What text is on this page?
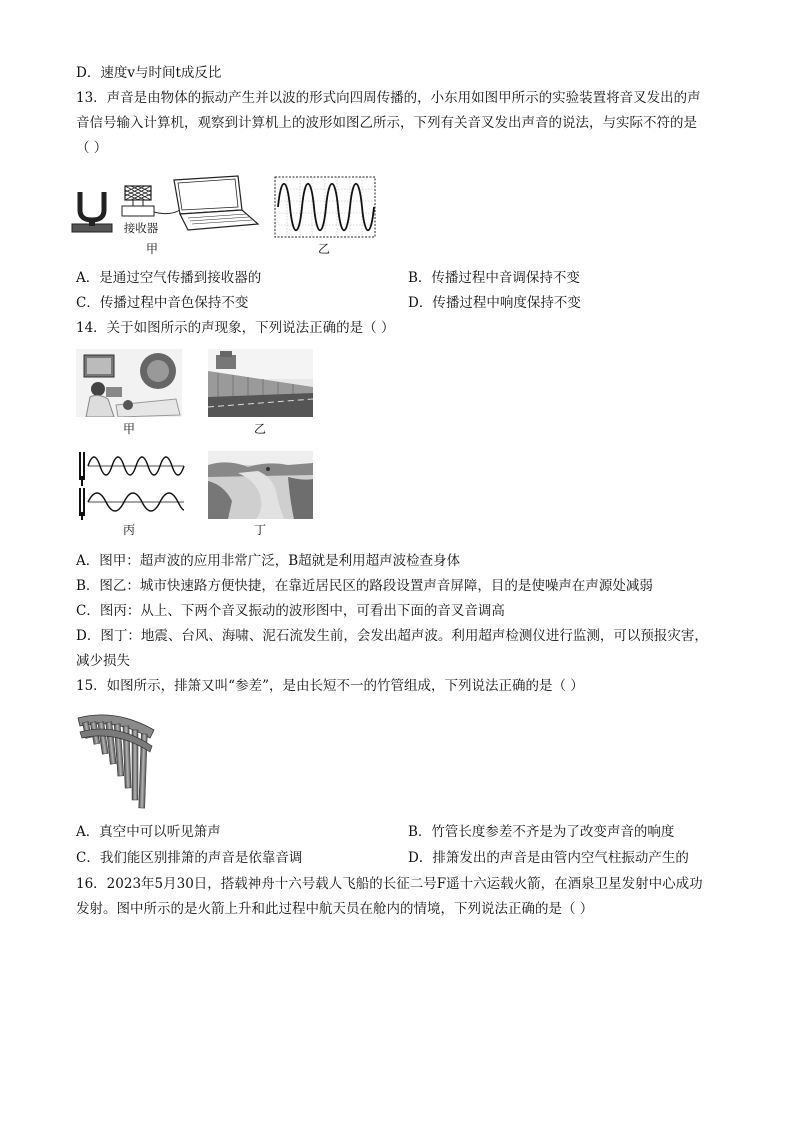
D．速度v与时间t成反比
13．声音是由物体的振动产生并以波的形式向四周传播的，小东用如图甲所示的实验装置将音叉发出的声
音信号输入计算机，观察到计算机上的波形如图乙所示，下列有关音叉发出声音的说法，与实际不符的是
（ ）
接收器
甲	乙
A．是通过空气传播到接收器的	B．传播过程中音调保持不变
C．传播过程中音色保持不变	D．传播过程中响度保持不变
14．关于如图所示的声现象，下列说法正确的是（ ）
甲	乙
丙	丁
A．图甲：超声波的应用非常广泛，B超就是利用超声波检查身体
B．图乙：城市快速路方便快捷，在靠近居民区的路段设置声音屏障，目的是使噪声在声源处减弱
C．图丙：从上、下两个音叉振动的波形图中，可看出下面的音叉音调高
D．图丁：地震、台风、海啸、泥石流发生前，会发出超声波。利用超声检测仪进行监测，可以预报灾害，
减少损失
15．如图所示，排箫又叫“参差”，是由长短不一的竹管组成，下列说法正确的是（ ）
A．真空中可以听见箫声	B．竹管长度参差不齐是为了改变声音的响度
C．我们能区别排箫的声音是依靠音调	D．排箫发出的声音是由管内空气柱振动产生的
16．2023年5月30日，搭载神舟十六号载人飞船的长征二号F遥十六运载火箭，在酒泉卫星发射中心成功
发射。图中所示的是火箭上升和此过程中航天员在舱内的情境，下列说法正确的是（ ）
